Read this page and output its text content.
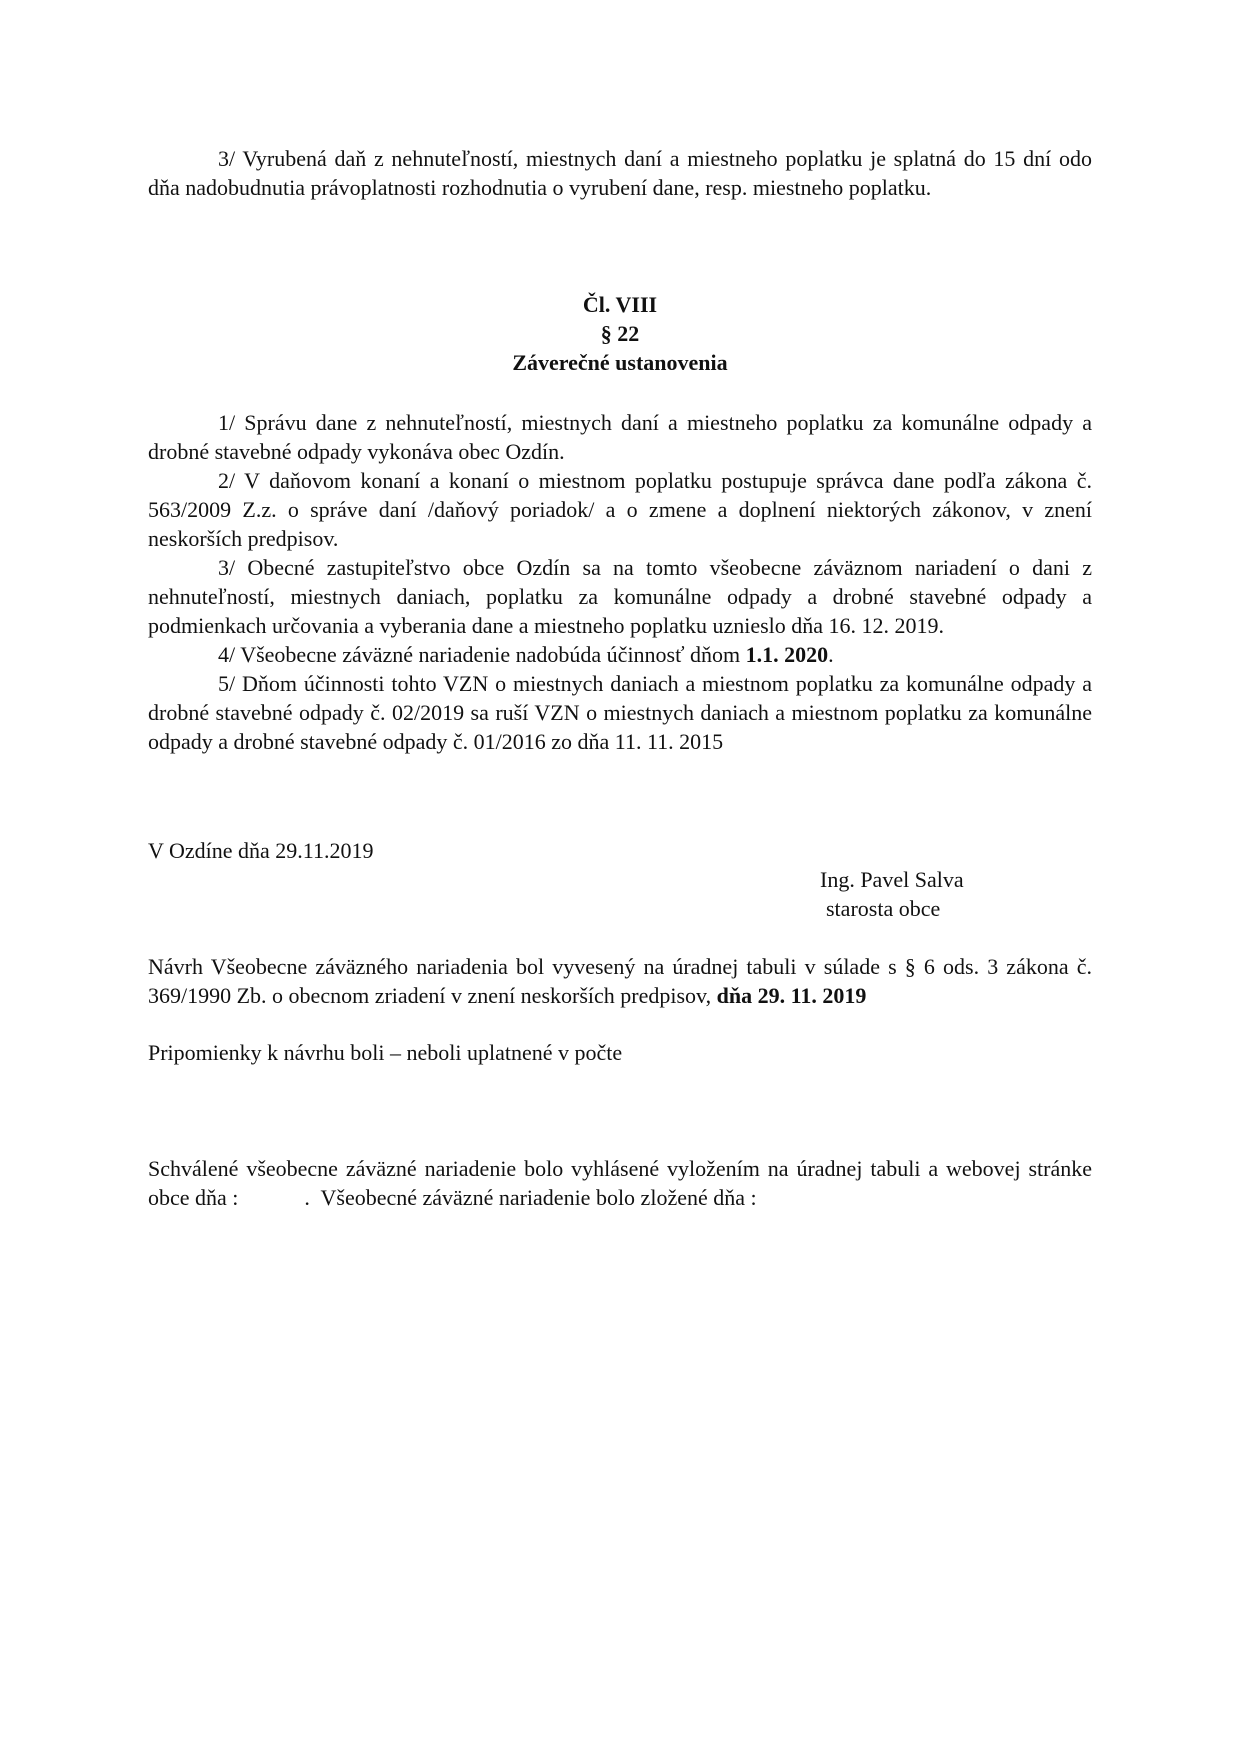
3/ Vyrubená daň z nehnuteľností, miestnych daní a miestneho poplatku je splatná do 15 dní odo dňa nadobudnutia právoplatnosti rozhodnutia o vyrubení dane, resp. miestneho poplatku.

Čl. VIII
§ 22
Záverečné ustanovenia

1/ Správu dane z nehnuteľností, miestnych daní a miestneho poplatku za komunálne odpady a drobné stavebné odpady vykonáva obec Ozdín.

2/ V daňovom konaní a konaní o miestnom poplatku postupuje správca dane podľa zákona č. 563/2009 Z.z. o správe daní /daňový poriadok/ a o zmene a doplnení niektorých zákonov, v znení neskorších predpisov.

3/ Obecné zastupiteľstvo obce Ozdín sa na tomto všeobecne záväznom nariadení o dani z nehnuteľností, miestnych daniach, poplatku za komunálne odpady a drobné stavebné odpady a podmienkach určovania a vyberania dane a miestneho poplatku uznieslo dňa 16. 12. 2019.

4/ Všeobecne záväzné nariadenie nadobúda účinnosť dňom 1.1. 2020.

5/ Dňom účinnosti tohto VZN o miestnych daniach a miestnom poplatku za komunálne odpady a drobné stavebné odpady č. 02/2019 sa ruší VZN o miestnych daniach a miestnom poplatku za komunálne odpady a drobné stavebné odpady č. 01/2016 zo dňa 11. 11. 2015

V Ozdíne dňa 29.11.2019
Ing. Pavel Salva
starosta obce

Návrh Všeobecne záväzného nariadenia bol vyvesený na úradnej tabuli v súlade s § 6 ods. 3 zákona č. 369/1990 Zb. o obecnom zriadení v znení neskorších predpisov, dňa 29. 11. 2019

Pripomienky k návrhu boli – neboli uplatnené v počte

Schválené všeobecne záväzné nariadenie bolo vyhlásené vyložením na úradnej tabuli a webovej stránke obce dňa :            .  Všeobecné záväzné nariadenie bolo zložené dňa :
